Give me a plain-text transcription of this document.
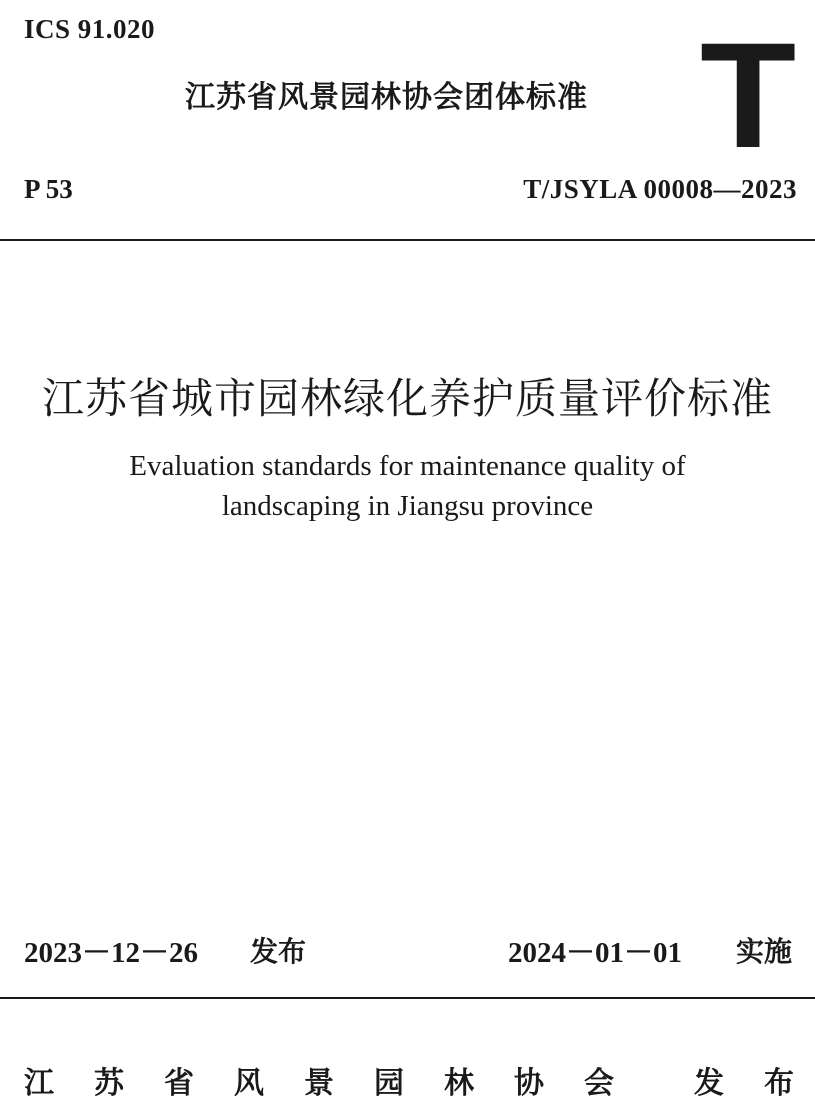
ICS 91.020
江苏省风景园林协会团体标准 T
P 53	T/JSYLA 00008—2023
江苏省城市园林绿化养护质量评价标准
Evaluation standards for maintenance quality of
landscaping in Jiangsu province
2023－12－26 发布	2024－01－01 实施
江 苏 省 风 景 园 林 协 会	发 布
